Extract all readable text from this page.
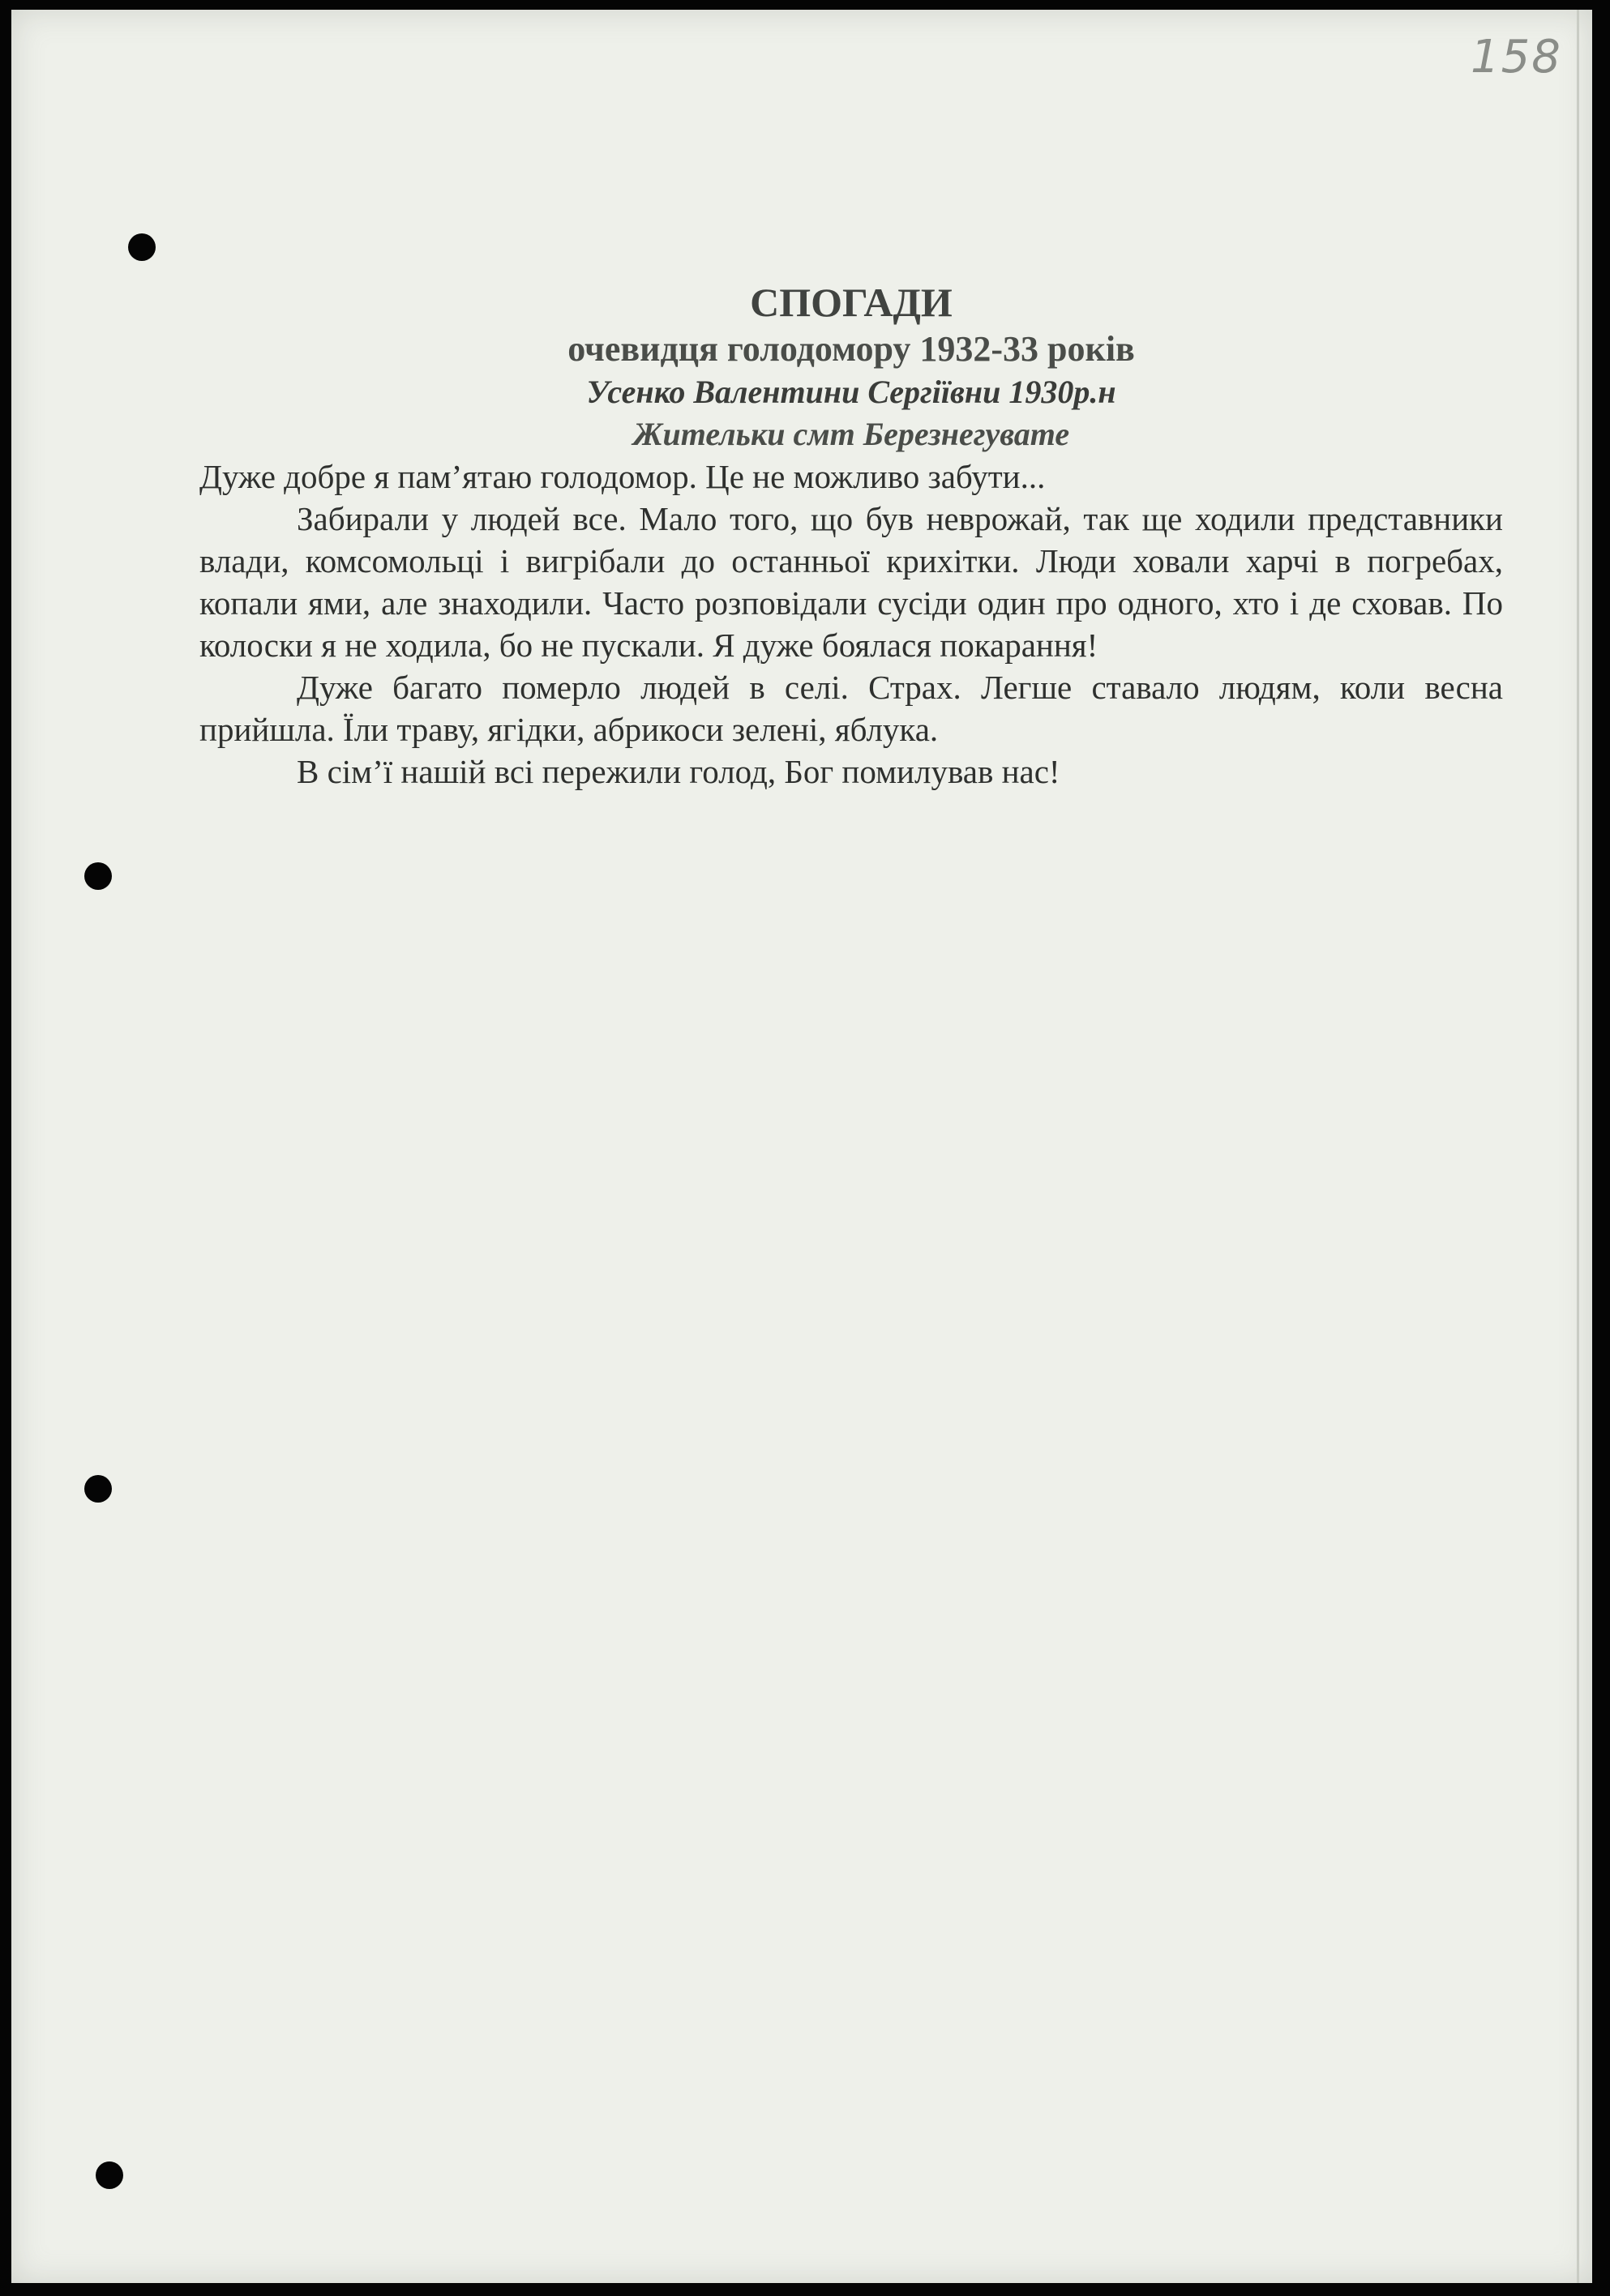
158
СПОГАДИ

очевидця голодомору 1932-33 років

Усенко Валентини Сергіївни 1930р.н

Жительки смт Березнегувате

Дуже добре я пам’ятаю голодомор. Це не можливо забути...

Забирали у людей все. Мало того, що був неврожай, так ще ходили представники влади, комсомольці і вигрібали до останньої крихітки. Люди ховали харчі в погребах, копали ями, але знаходили. Часто розповідали сусіди один про одного, хто і де сховав. По колоски я не ходила, бо не пускали. Я дуже боялася покарання!

Дуже багато померло людей в селі. Страх. Легше ставало людям, коли весна прийшла. Їли траву, ягідки, абрикоси зелені, яблука.

В сім’ї нашій всі пережили голод, Бог помилував нас!
